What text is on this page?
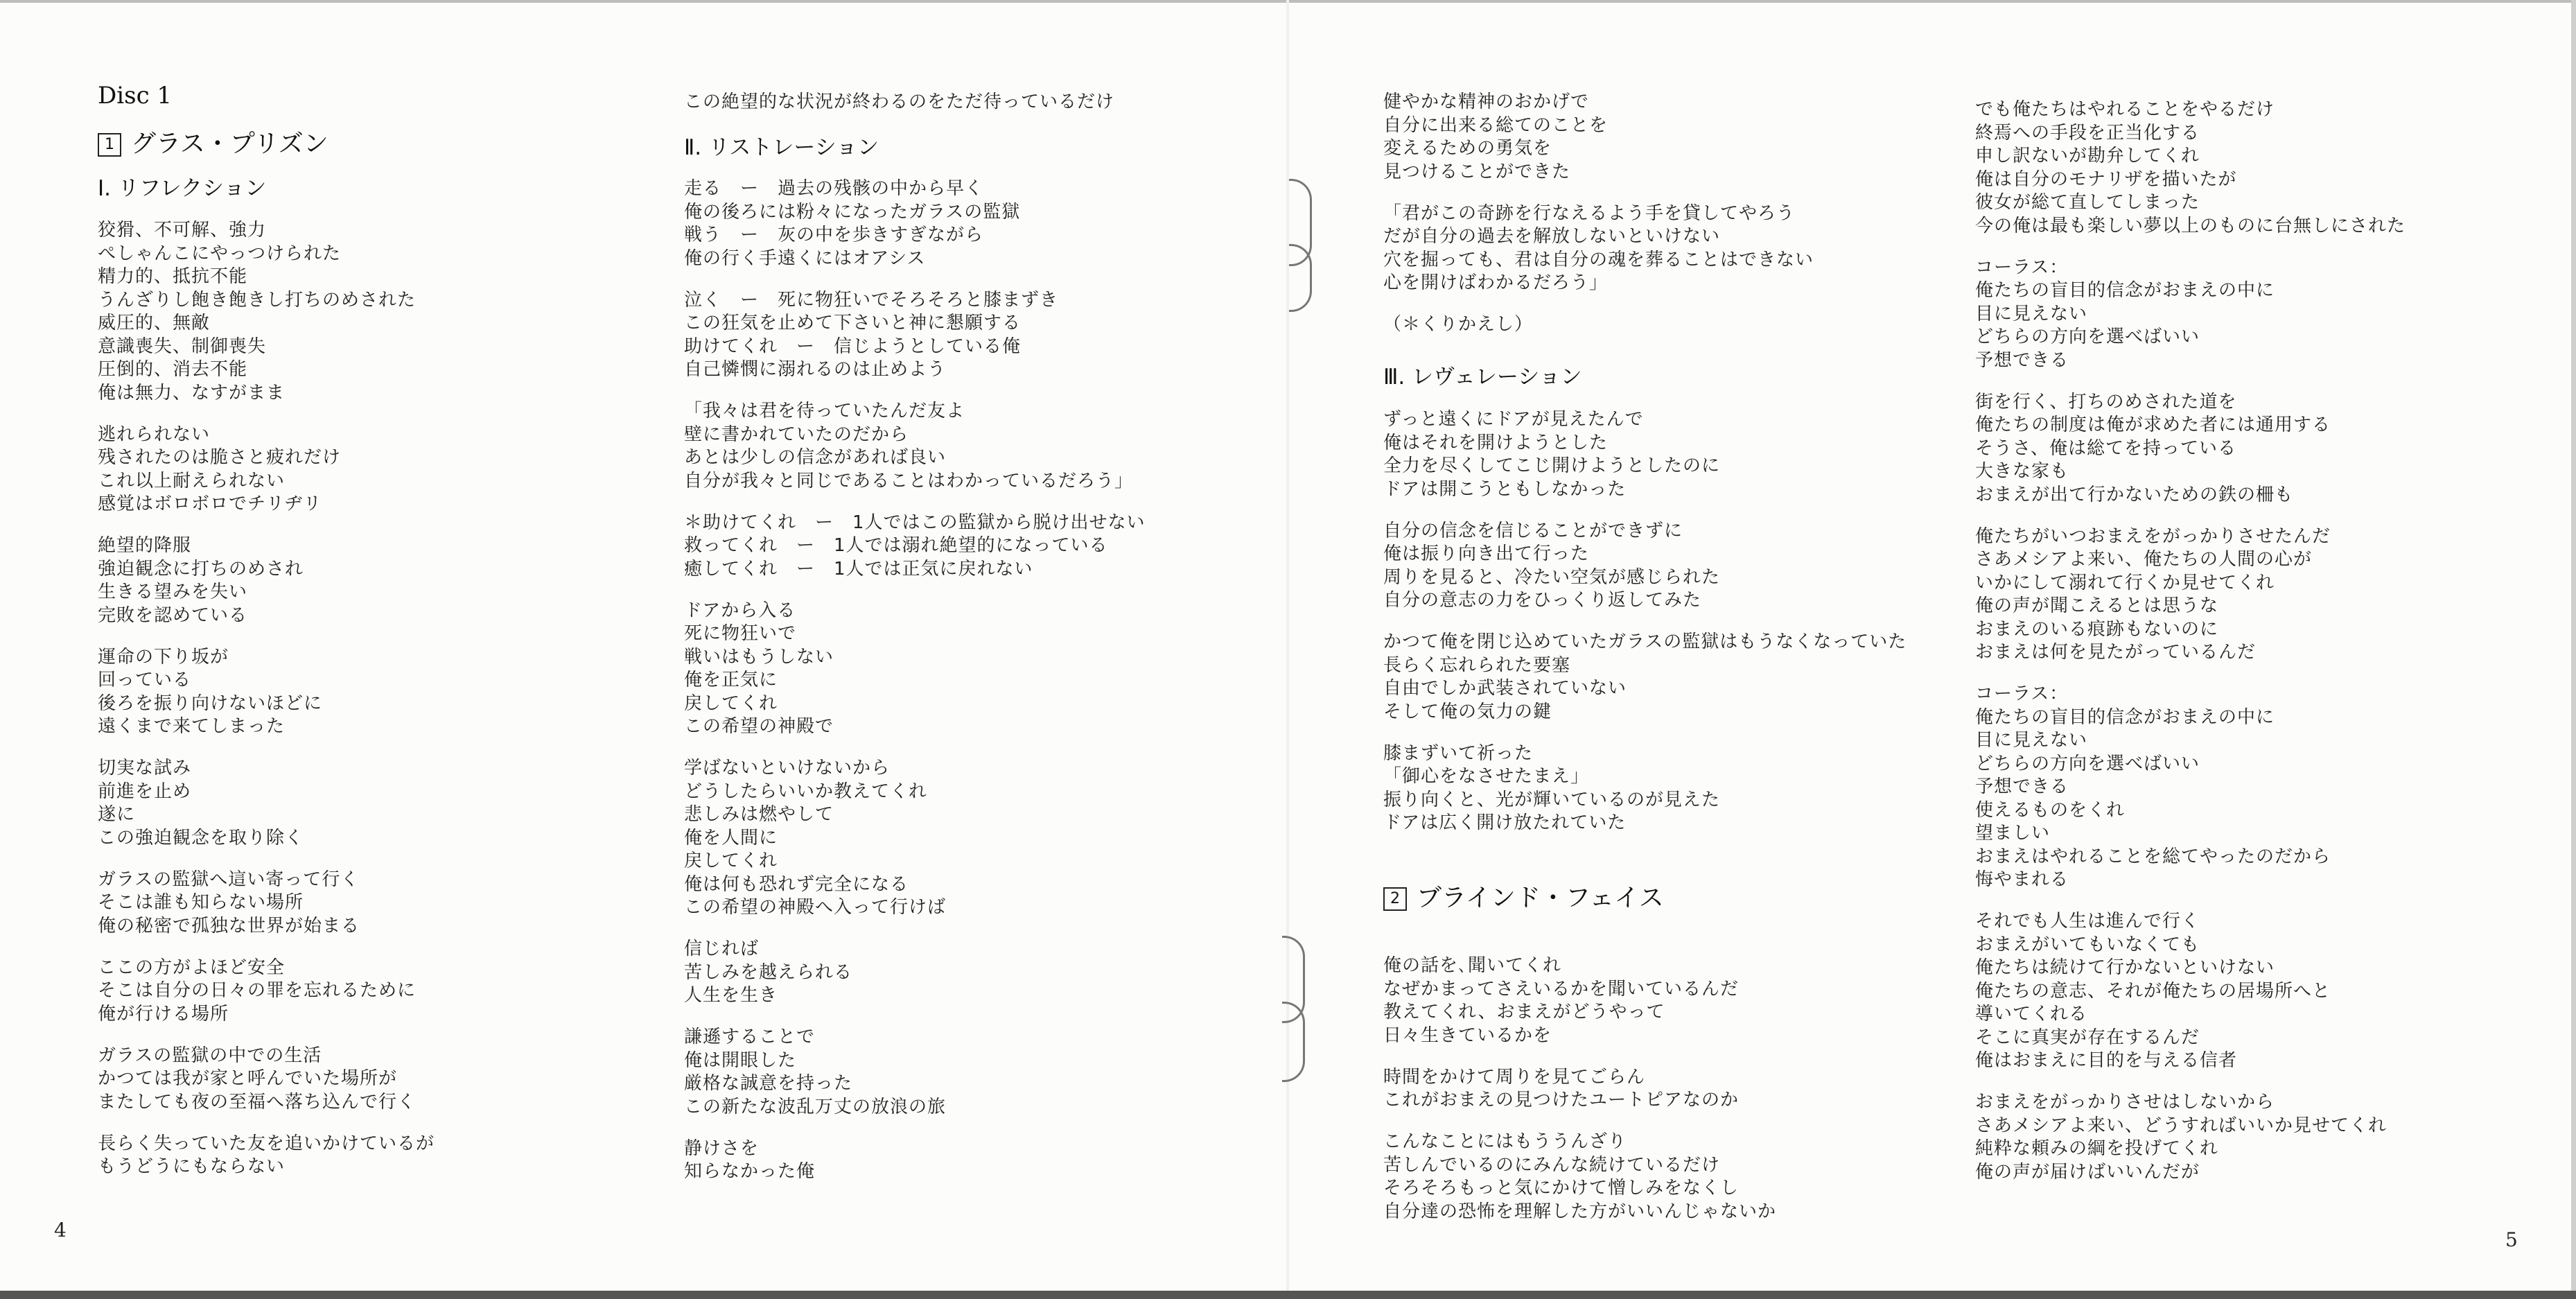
Disc 1
1 グラス・プリズン
Ⅰ. リフレクション
狡猾、不可解、強力
ぺしゃんこにやっつけられた
精力的、抵抗不能
うんざりし飽き飽きし打ちのめされた
威圧的、無敵
意識喪失、制御喪失
圧倒的、消去不能
俺は無力、なすがまま
逃れられない
残されたのは脆さと疲れだけ
これ以上耐えられない
感覚はボロボロでチリヂリ
絶望的降服
強迫観念に打ちのめされ
生きる望みを失い
完敗を認めている
運命の下り坂が
回っている
後ろを振り向けないほどに
遠くまで来てしまった
切実な試み
前進を止め
遂に
この強迫観念を取り除く
ガラスの監獄へ這い寄って行く
そこは誰も知らない場所
俺の秘密で孤独な世界が始まる
ここの方がよほど安全
そこは自分の日々の罪を忘れるために
俺が行ける場所
ガラスの監獄の中での生活
かつては我が家と呼んでいた場所が
またしても夜の至福へ落ち込んで行く
長らく失っていた友を追いかけているが
もうどうにもならない
この絶望的な状況が終わるのをただ待っているだけ
Ⅱ. リストレーション
走る　ー　過去の残骸の中から早く
俺の後ろには粉々になったガラスの監獄
戦う　ー　灰の中を歩きすぎながら
俺の行く手遠くにはオアシス
泣く　ー　死に物狂いでそろそろと膝まずき
この狂気を止めて下さいと神に懇願する
助けてくれ　ー　信じようとしている俺
自己憐憫に溺れるのは止めよう
「我々は君を待っていたんだ友よ
壁に書かれていたのだから
あとは少しの信念があれば良い
自分が我々と同じであることはわかっているだろう」
＊助けてくれ　ー　1人ではこの監獄から脱け出せない
救ってくれ　ー　1人では溺れ絶望的になっている
癒してくれ　ー　1人では正気に戻れない
ドアから入る
死に物狂いで
戦いはもうしない
俺を正気に
戻してくれ
この希望の神殿で
学ばないといけないから
どうしたらいいか教えてくれ
悲しみは燃やして
俺を人間に
戻してくれ
俺は何も恐れず完全になる
この希望の神殿へ入って行けば
信じれば
苦しみを越えられる
人生を生き
謙遜することで
俺は開眼した
厳格な誠意を持った
この新たな波乱万丈の放浪の旅
静けさを
知らなかった俺
Ⅲ. レヴェレーション
2 ブラインド・フェイス
健やかな精神のおかげで
自分に出来る総てのことを
変えるための勇気を
見つけることができた
「君がこの奇跡を行なえるよう手を貸してやろう
だが自分の過去を解放しないといけない
穴を掘っても、君は自分の魂を葬ることはできない
心を開けばわかるだろう」
（＊くりかえし）
ずっと遠くにドアが見えたんで
俺はそれを開けようとした
全力を尽くしてこじ開けようとしたのに
ドアは開こうともしなかった
自分の信念を信じることができずに
俺は振り向き出て行った
周りを見ると、冷たい空気が感じられた
自分の意志の力をひっくり返してみた
かつて俺を閉じ込めていたガラスの監獄はもうなくなっていた
長らく忘れられた要塞
自由でしか武装されていない
そして俺の気力の鍵
膝まずいて祈った
「御心をなさせたまえ」
振り向くと、光が輝いているのが見えた
ドアは広く開け放たれていた
俺の話を､聞いてくれ
なぜかまってさえいるかを聞いているんだ
教えてくれ、おまえがどうやって
日々生きているかを
時間をかけて周りを見てごらん
これがおまえの見つけたユートピアなのか
こんなことにはもううんざり
苦しんでいるのにみんな続けているだけ
そろそろもっと気にかけて憎しみをなくし
自分達の恐怖を理解した方がいいんじゃないか
でも俺たちはやれることをやるだけ
終焉への手段を正当化する
申し訳ないが勘弁してくれ
俺は自分のモナリザを描いたが
彼女が総て直してしまった
今の俺は最も楽しい夢以上のものに台無しにされた
コーラス：
俺たちの盲目的信念がおまえの中に
目に見えない
どちらの方向を選べばいい
予想できる
街を行く、打ちのめされた道を
俺たちの制度は俺が求めた者には通用する
そうさ、俺は総てを持っている
大きな家も
おまえが出て行かないための鉄の柵も
俺たちがいつおまえをがっかりさせたんだ
さあメシアよ来い、俺たちの人間の心が
いかにして溺れて行くか見せてくれ
俺の声が聞こえるとは思うな
おまえのいる痕跡もないのに
おまえは何を見たがっているんだ
コーラス：
俺たちの盲目的信念がおまえの中に
目に見えない
どちらの方向を選べばいい
予想できる
使えるものをくれ
望ましい
おまえはやれることを総てやったのだから
悔やまれる
それでも人生は進んで行く
おまえがいてもいなくても
俺たちは続けて行かないといけない
俺たちの意志、それが俺たちの居場所へと
導いてくれる
そこに真実が存在するんだ
俺はおまえに目的を与える信者
おまえをがっかりさせはしないから
さあメシアよ来い、どうすればいいか見せてくれ
純粋な頼みの綱を投げてくれ
俺の声が届けばいいんだが
4	5
